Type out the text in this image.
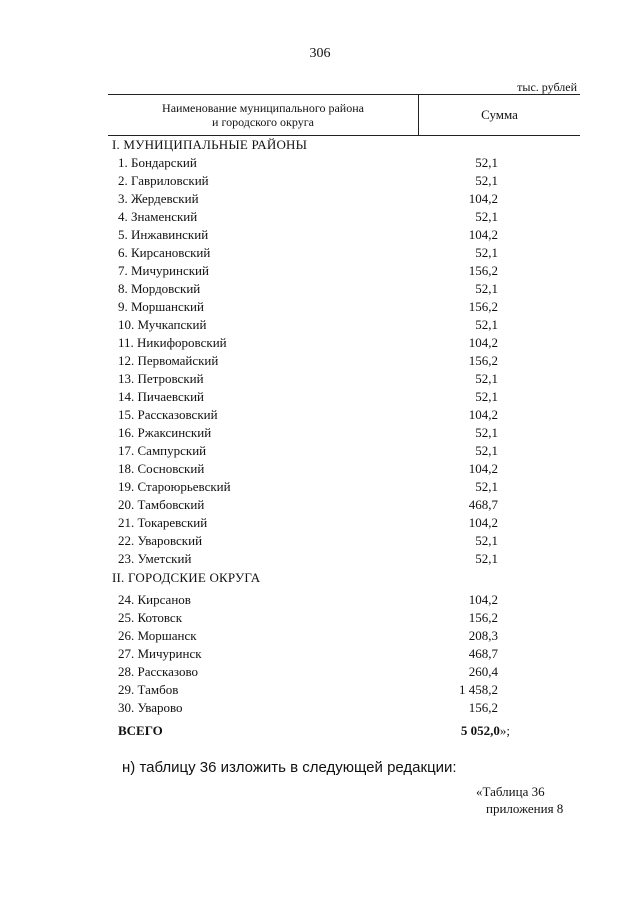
306
тыс. рублей
Наименование муниципального района
и городского округа	Сумма
I. МУНИЦИПАЛЬНЫЕ РАЙОНЫ
1. Бондарский	52,1
2. Гавриловский	52,1
3. Жердевский	104,2
4. Знаменский	52,1
5. Инжавинский	104,2
6. Кирсановский	52,1
7. Мичуринский	156,2
8. Мордовский	52,1
9. Моршанский	156,2
10. Мучкапский	52,1
11. Никифоровский	104,2
12. Первомайский	156,2
13. Петровский	52,1
14. Пичаевский	52,1
15. Рассказовский	104,2
16. Ржаксинский	52,1
17. Сампурский	52,1
18. Сосновский	104,2
19. Староюрьевский	52,1
20. Тамбовский	468,7
21. Токаревский	104,2
22. Уваровский	52,1
23. Уметский	52,1
II. ГОРОДСКИЕ ОКРУГА
24. Кирсанов	104,2
25. Котовск	156,2
26. Моршанск	208,3
27. Мичуринск	468,7
28. Рассказово	260,4
29. Тамбов	1 458,2
30. Уварово	156,2
ВСЕГО	5 052,0»;
н) таблицу 36 изложить в следующей редакции:
«Таблица 36
приложения 8
